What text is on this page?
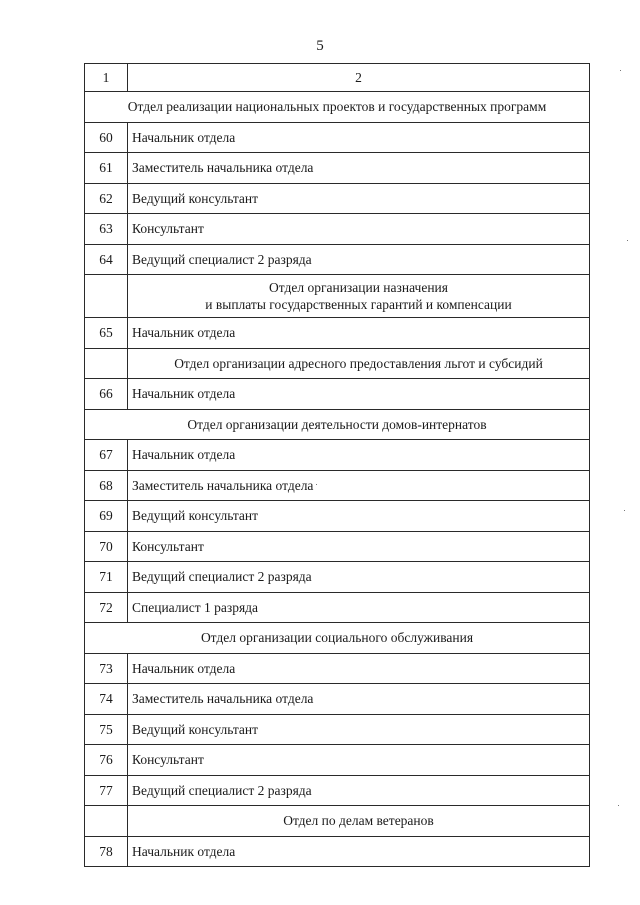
5
1	2
Отдел реализации национальных проектов и государственных программ	
60	Начальник отдела
61	Заместитель начальника отдела
62	Ведущий консультант
63	Консультант
64	Ведущий специалист 2 разряда

	Отдел организации назначения
и выплаты государственных гарантий и компенсации

65	Начальник отдела
	Отдел организации адресного предоставления льгот и субсидий
66	Начальник отдела
Отдел организации деятельности домов-интернатов	
67	Начальник отдела
68	Заместитель начальника отдела
69	Ведущий консультант
70	Консультант
71	Ведущий специалист 2 разряда
72	Специалист 1 разряда
Отдел организации социального обслуживания	
73	Начальник отдела
74	Заместитель начальника отдела
75	Ведущий консультант
76	Консультант
77	Ведущий специалист 2 разряда
	Отдел по делам ветеранов
78	Начальник отдела
